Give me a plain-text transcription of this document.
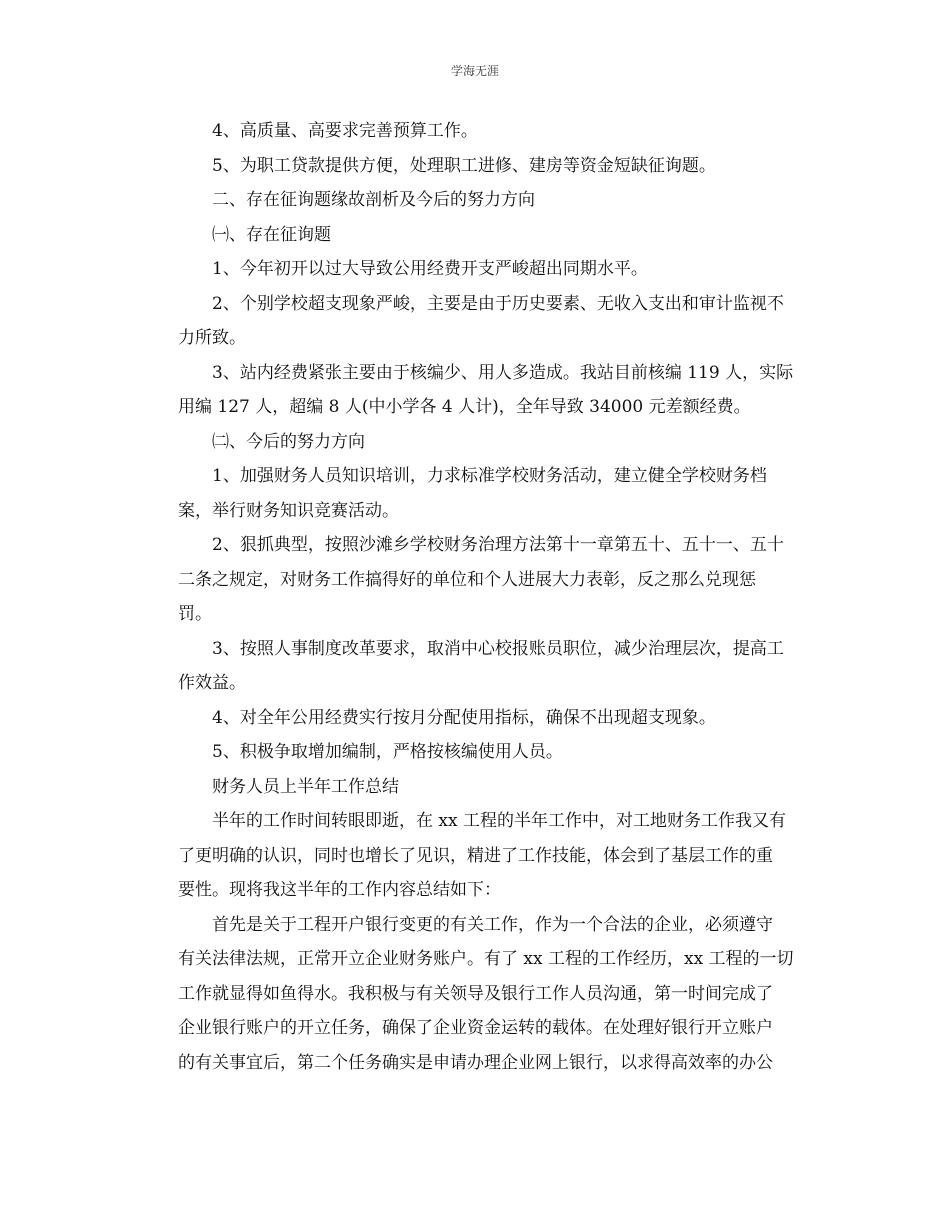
学海无涯
4、高质量、高要求完善预算工作。
5、为职工贷款提供方便，处理职工进修、建房等资金短缺征询题。
二、存在征询题缘故剖析及今后的努力方向
㈠、存在征询题
1、今年初开以过大导致公用经费开支严峻超出同期水平。
2、个别学校超支现象严峻，主要是由于历史要素、无收入支出和审计监视不
力所致。
3、站内经费紧张主要由于核编少、用人多造成。我站目前核编 119 人，实际
用编 127 人，超编 8 人(中小学各 4 人计)，全年导致 34000 元差额经费。
㈡、今后的努力方向
1、加强财务人员知识培训，力求标准学校财务活动，建立健全学校财务档
案，举行财务知识竞赛活动。
2、狠抓典型，按照沙滩乡学校财务治理方法第十一章第五十、五十一、五十
二条之规定，对财务工作搞得好的单位和个人进展大力表彰，反之那么兑现惩
罚。
3、按照人事制度改革要求，取消中心校报账员职位，减少治理层次，提高工
作效益。
4、对全年公用经费实行按月分配使用指标，确保不出现超支现象。
5、积极争取增加编制，严格按核编使用人员。
财务人员上半年工作总结
半年的工作时间转眼即逝，在 xx 工程的半年工作中，对工地财务工作我又有
了更明确的认识，同时也增长了见识，精进了工作技能，体会到了基层工作的重
要性。现将我这半年的工作内容总结如下：
首先是关于工程开户银行变更的有关工作，作为一个合法的企业，必须遵守
有关法律法规，正常开立企业财务账户。有了 xx 工程的工作经历，xx 工程的一切
工作就显得如鱼得水。我积极与有关领导及银行工作人员沟通，第一时间完成了
企业银行账户的开立任务，确保了企业资金运转的载体。在处理好银行开立账户
的有关事宜后，第二个任务确实是申请办理企业网上银行，以求得高效率的办公
